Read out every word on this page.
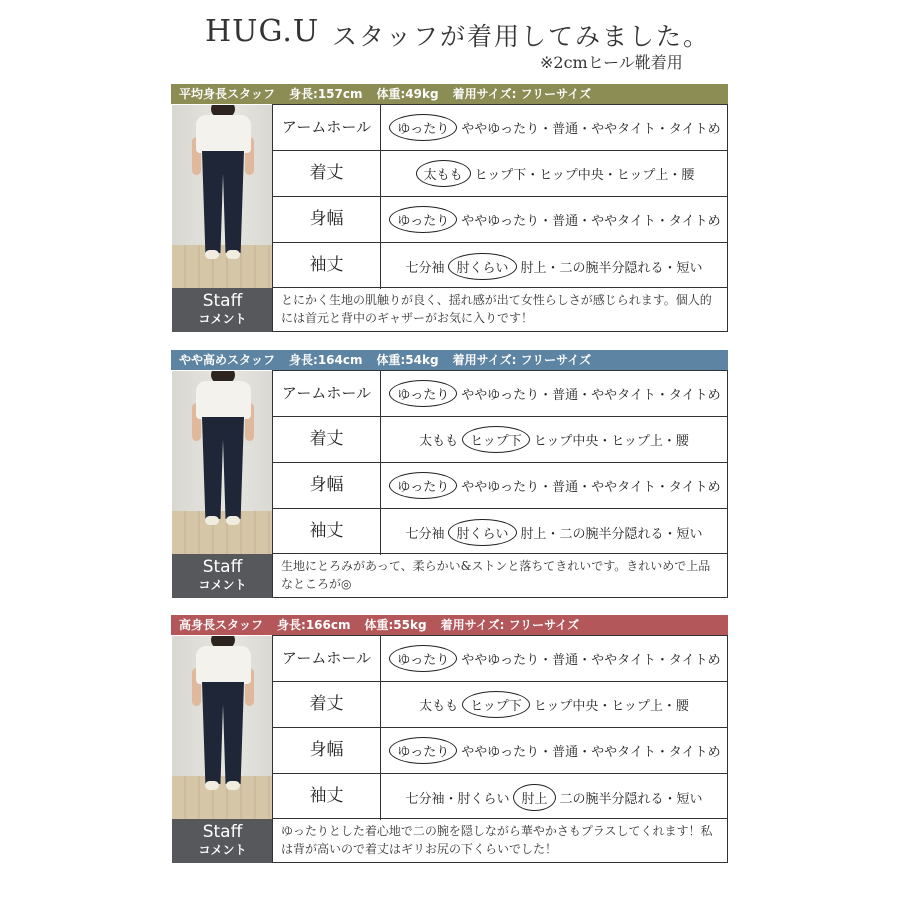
HUG.U スタッフが着用してみました。
※2cmヒール靴着用
平均身長スタッフ 身長:157cm 体重:49kg 着用サイズ: フリーサイズ
アームホール	ゆったり ややゆったり・普通・ややタイト・タイトめ
着丈	太もも ヒップ下・ヒップ中央・ヒップ上・腰
身幅	ゆったり ややゆったり・普通・ややタイト・タイトめ
袖丈	七分袖 肘くらい 肘上・二の腕半分隠れる・短い
Staff
コメント
とにかく生地の肌触りが良く、揺れ感が出て女性らしさが感じられます。個人的には首元と背中のギャザーがお気に入りです！
やや高めスタッフ 身長:164cm 体重:54kg 着用サイズ: フリーサイズ
アームホール	ゆったり ややゆったり・普通・ややタイト・タイトめ
着丈	太もも ヒップ下 ヒップ中央・ヒップ上・腰
身幅	ゆったり ややゆったり・普通・ややタイト・タイトめ
袖丈	七分袖 肘くらい 肘上・二の腕半分隠れる・短い
Staff
コメント
生地にとろみがあって、柔らかい&ストンと落ちてきれいです。きれいめで上品なところが◎
高身長スタッフ 身長:166cm 体重:55kg 着用サイズ: フリーサイズ
アームホール	ゆったり ややゆったり・普通・ややタイト・タイトめ
着丈	太もも ヒップ下 ヒップ中央・ヒップ上・腰
身幅	ゆったり ややゆったり・普通・ややタイト・タイトめ
袖丈	七分袖・肘くらい 肘上 二の腕半分隠れる・短い
Staff
コメント
ゆったりとした着心地で二の腕を隠しながら華やかさもプラスしてくれます！私は背が高いので着丈はギリお尻の下くらいでした！
